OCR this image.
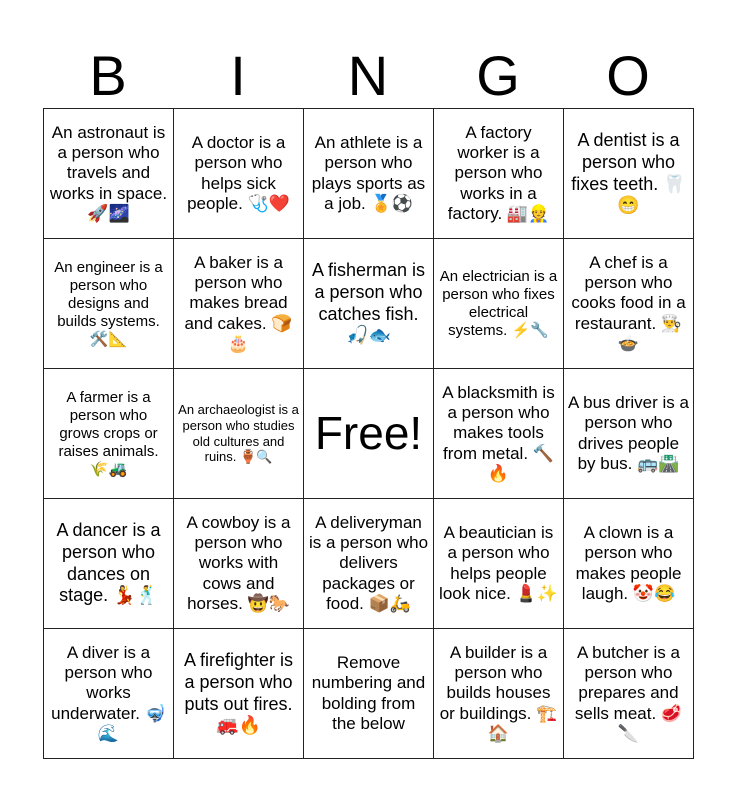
B	I	N	G	O
An astronaut is a person who travels and works in space. 🚀🌌	A doctor is a person who helps sick people. 🩺❤️	An athlete is a person who plays sports as a job. 🏅⚽	A factory worker is a person who works in a factory. 🏭👷	A dentist is a person who fixes teeth. 🦷😁
An engineer is a person who designs and builds systems. 🛠️📐	A baker is a person who makes bread and cakes. 🍞🎂	A fisherman is a person who catches fish. 🎣🐟	An electrician is a person who fixes electrical systems. ⚡🔧	A chef is a person who cooks food in a restaurant. 👨‍🍳🍲
A farmer is a person who grows crops or raises animals. 🌾🚜	An archaeologist is a person who studies old cultures and ruins. 🏺🔍	Free!	A blacksmith is a person who makes tools from metal. 🔨🔥	A bus driver is a person who drives people by bus. 🚌🛣️
A dancer is a person who dances on stage. 💃🕺	A cowboy is a person who works with cows and horses. 🤠🐎	A deliveryman is a person who delivers packages or food. 📦🛵	A beautician is a person who helps people look nice. 💄✨	A clown is a person who makes people laugh. 🤡😂
A diver is a person who works underwater. 🤿🌊	A firefighter is a person who puts out fires. 🚒🔥	Remove numbering and bolding from the below	A builder is a person who builds houses or buildings. 🏗️🏠	A butcher is a person who prepares and sells meat. 🥩🔪
